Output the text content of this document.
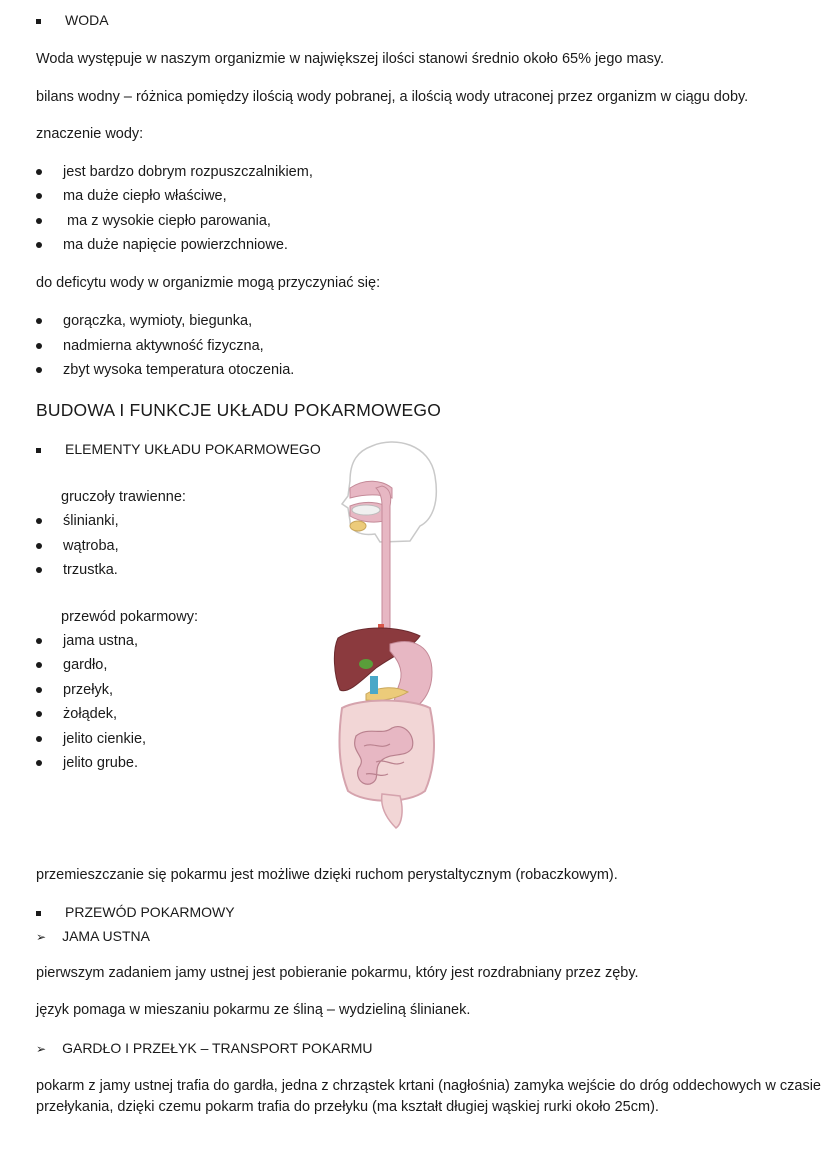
WODA
Woda występuje w naszym organizmie w największej ilości stanowi średnio około 65% jego masy.
bilans wodny – różnica pomiędzy ilością wody pobranej, a ilością wody utraconej przez organizm w ciągu doby.
znaczenie wody:
jest bardzo dobrym rozpuszczalnikiem,
ma duże ciepło właściwe,
ma z wysokie ciepło parowania,
ma duże napięcie powierzchniowe.
do deficytu wody w organizmie mogą przyczyniać się:
gorączka, wymioty, biegunka,
nadmierna aktywność fizyczna,
zbyt wysoka temperatura otoczenia.
BUDOWA I FUNKCJE UKŁADU POKARMOWEGO
ELEMENTY UKŁADU POKARMOWEGO
gruczoły trawienne:
ślinianki,
wątroba,
trzustka.
przewód pokarmowy:
jama ustna,
gardło,
przełyk,
żołądek,
jelito cienkie,
jelito grube.
przemieszczanie się pokarmu jest możliwe dzięki ruchom perystaltycznym (robaczkowym).
PRZEWÓD POKARMOWY
➢ JAMA USTNA
pierwszym zadaniem jamy ustnej jest pobieranie pokarmu, który jest rozdrabniany przez zęby.
język pomaga w mieszaniu pokarmu ze śliną – wydzieliną ślinianek.
➢ GARDŁO I PRZEŁYK – TRANSPORT POKARMU
pokarm z jamy ustnej trafia do gardła, jedna z chrząstek krtani (nagłośnia) zamyka wejście do dróg oddechowych w czasie przełykania, dzięki czemu pokarm trafia do przełyku (ma kształt długiej wąskiej rurki około 25cm).
